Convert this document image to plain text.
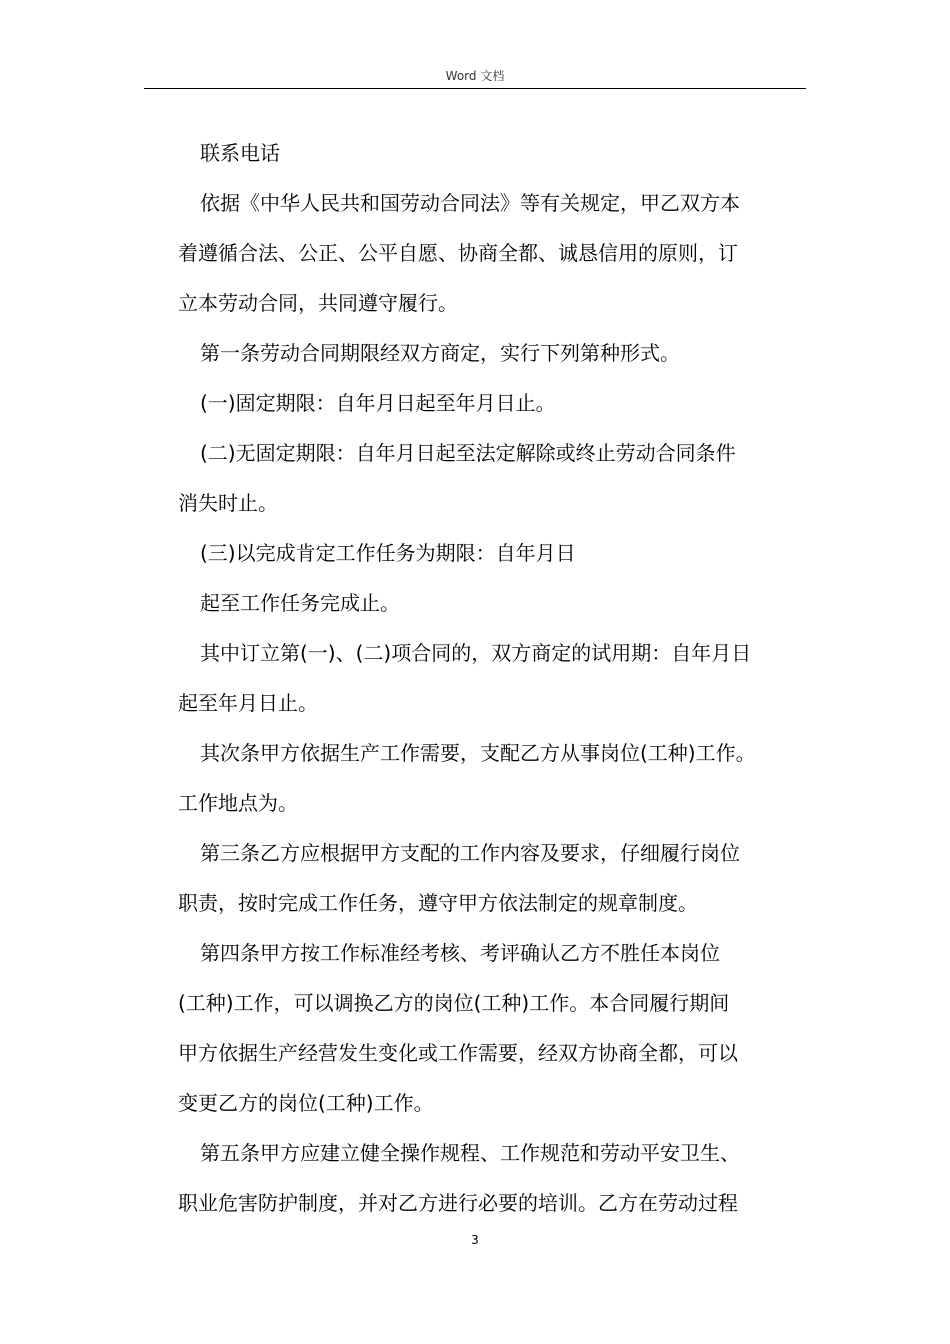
Word 文档
联系电话
依据《中华人民共和国劳动合同法》等有关规定，甲乙双方本
着遵循合法、公正、公平自愿、协商全都、诚恳信用的原则，订
立本劳动合同，共同遵守履行。
第一条劳动合同期限经双方商定，实行下列第种形式。
(一)固定期限：自年月日起至年月日止。
(二)无固定期限：自年月日起至法定解除或终止劳动合同条件
消失时止。
(三)以完成肯定工作任务为期限：自年月日
起至工作任务完成止。
其中订立第(一)、(二)项合同的，双方商定的试用期：自年月日
起至年月日止。
其次条甲方依据生产工作需要，支配乙方从事岗位(工种)工作。
工作地点为。
第三条乙方应根据甲方支配的工作内容及要求，仔细履行岗位
职责，按时完成工作任务，遵守甲方依法制定的规章制度。
第四条甲方按工作标准经考核、考评确认乙方不胜任本岗位
(工种)工作，可以调换乙方的岗位(工种)工作。本合同履行期间
甲方依据生产经营发生变化或工作需要，经双方协商全都，可以
变更乙方的岗位(工种)工作。
第五条甲方应建立健全操作规程、工作规范和劳动平安卫生、
职业危害防护制度，并对乙方进行必要的培训。乙方在劳动过程
3
